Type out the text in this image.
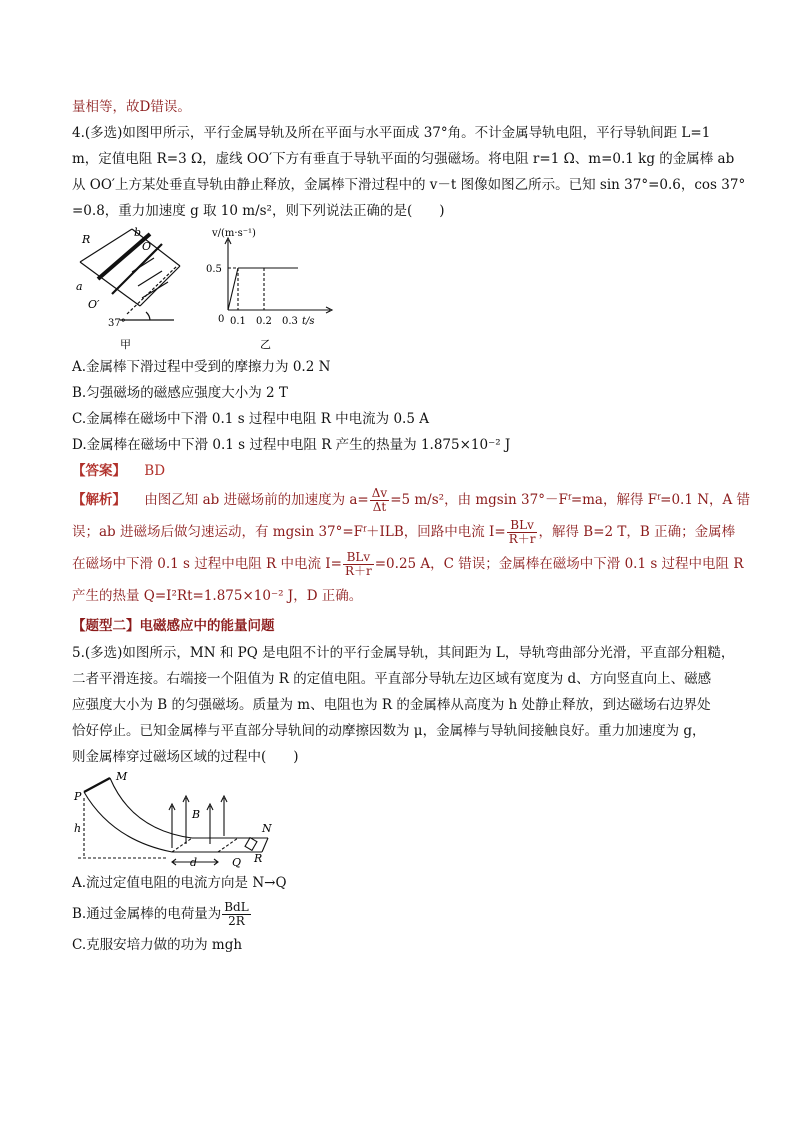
量相等，故D错误。
4.(多选)如图甲所示，平行金属导轨及所在平面与水平面成 37°角。不计金属导轨电阻，平行导轨间距 L=1
m，定值电阻 R=3 Ω，虚线 OO′下方有垂直于导轨平面的匀强磁场。将电阻 r=1 Ω、m=0.1 kg 的金属棒 ab
从 OO′上方某处垂直导轨由静止释放，金属棒下滑过程中的 v－t 图像如图乙所示。已知 sin 37°=0.6，cos 37°
=0.8，重力加速度 g 取 10 m/s²，则下列说法正确的是(　　)
R
b
O
a
O′
37°
甲
v/(m·s⁻¹)
0.5
0 0.1 0.2 0.3 t/s
乙
A.金属棒下滑过程中受到的摩擦力为 0.2 N
B.匀强磁场的磁感应强度大小为 2 T
C.金属棒在磁场中下滑 0.1 s 过程中电阻 R 中电流为 0.5 A
D.金属棒在磁场中下滑 0.1 s 过程中电阻 R 产生的热量为 1.875×10⁻² J
【答案】 BD
【解析】 由图乙知 ab 进磁场前的加速度为 $a= \frac{\Delta v}{\Delta t} =5$ m/s²，由 mgsin 37°－Fᶠ=ma，解得 Fᶠ=0.1 N，A 错
误；ab 进磁场后做匀速运动，有 mgsin 37°=Fᶠ＋ILB，回路中电流 $I= \frac{\text{BLv}}{R+r}$ ，解得 B=2 T，B 正确；金属棒
在磁场中下滑 0.1 s 过程中电阻 R 中电流 $I= \frac{\text{BLv}}{R+r} =0.25$ A，C 错误；金属棒在磁场中下滑 0.1 s 过程中电阻 R
产生的热量 Q=I²Rt=1.875×10⁻² J，D 正确。
【题型二】电磁感应中的能量问题
5.(多选)如图所示，MN 和 PQ 是电阻不计的平行金属导轨，其间距为 L，导轨弯曲部分光滑，平直部分粗糙，
二者平滑连接。右端接一个阻值为 R 的定值电阻。平直部分导轨左边区域有宽度为 d、方向竖直向上、磁感
应强度大小为 B 的匀强磁场。质量为 m、电阻也为 R 的金属棒从高度为 h 处静止释放，到达磁场右边界处
恰好停止。已知金属棒与平直部分导轨间的动摩擦因数为 μ，金属棒与导轨间接触良好。重力加速度为 g，
则金属棒穿过磁场区域的过程中(　　)
M
P
B
N
h
d	Q R
A.流过定值电阻的电流方向是 N→Q
B.通过金属棒的电荷量为 $\frac{\text{BdL}}{2R}$
C.克服安培力做的功为 mgh
